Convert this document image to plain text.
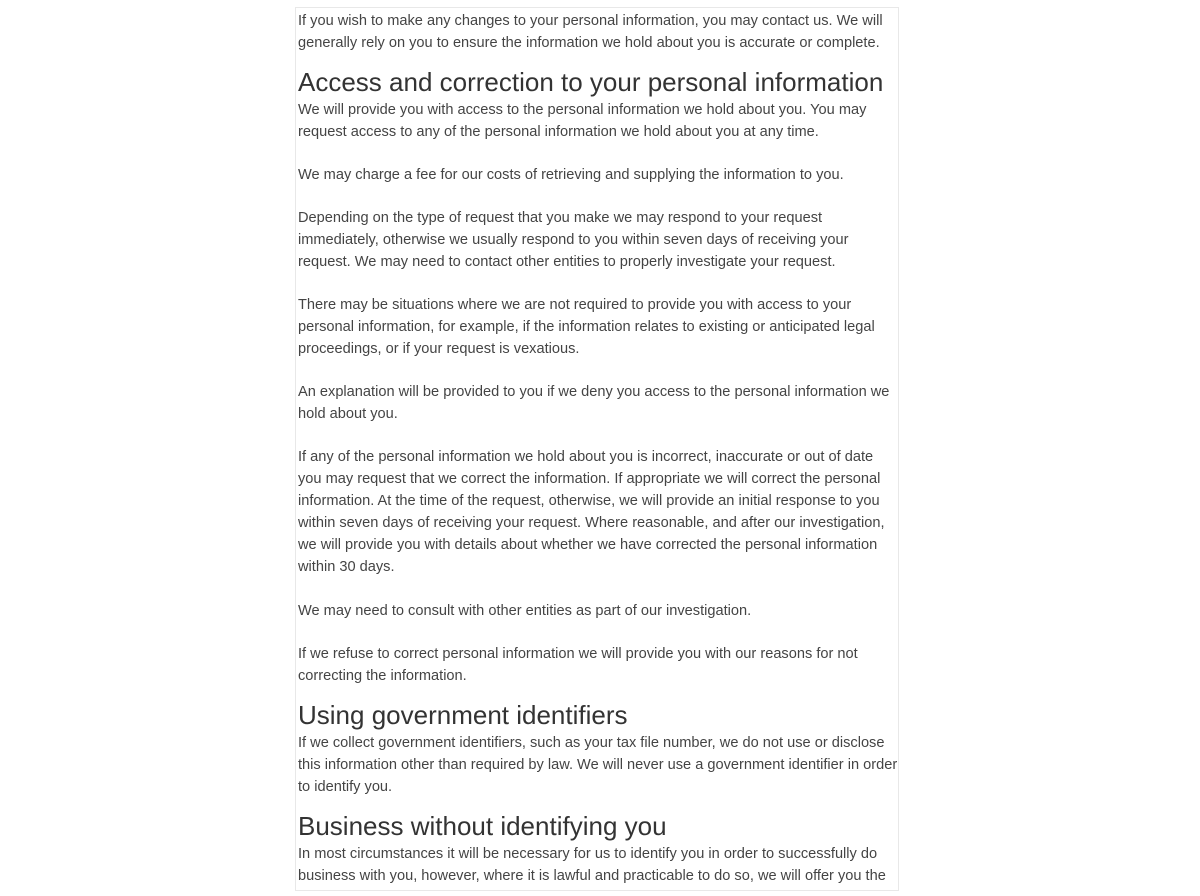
If you wish to make any changes to your personal information, you may contact us. We will generally rely on you to ensure the information we hold about you is accurate or complete.

Access and correction to your personal information

We will provide you with access to the personal information we hold about you. You may request access to any of the personal information we hold about you at any time.

We may charge a fee for our costs of retrieving and supplying the information to you.

Depending on the type of request that you make we may respond to your request immediately, otherwise we usually respond to you within seven days of receiving your request. We may need to contact other entities to properly investigate your request.

There may be situations where we are not required to provide you with access to your personal information, for example, if the information relates to existing or anticipated legal proceedings, or if your request is vexatious.

An explanation will be provided to you if we deny you access to the personal information we hold about you.

If any of the personal information we hold about you is incorrect, inaccurate or out of date you may request that we correct the information. If appropriate we will correct the personal information. At the time of the request, otherwise, we will provide an initial response to you within seven days of receiving your request. Where reasonable, and after our investigation, we will provide you with details about whether we have corrected the personal information within 30 days.

We may need to consult with other entities as part of our investigation.

If we refuse to correct personal information we will provide you with our reasons for not correcting the information.

Using government identifiers

If we collect government identifiers, such as your tax file number, we do not use or disclose this information other than required by law. We will never use a government identifier in order to identify you.

Business without identifying you

In most circumstances it will be necessary for us to identify you in order to successfully do business with you, however, where it is lawful and practicable to do so, we will offer you the
